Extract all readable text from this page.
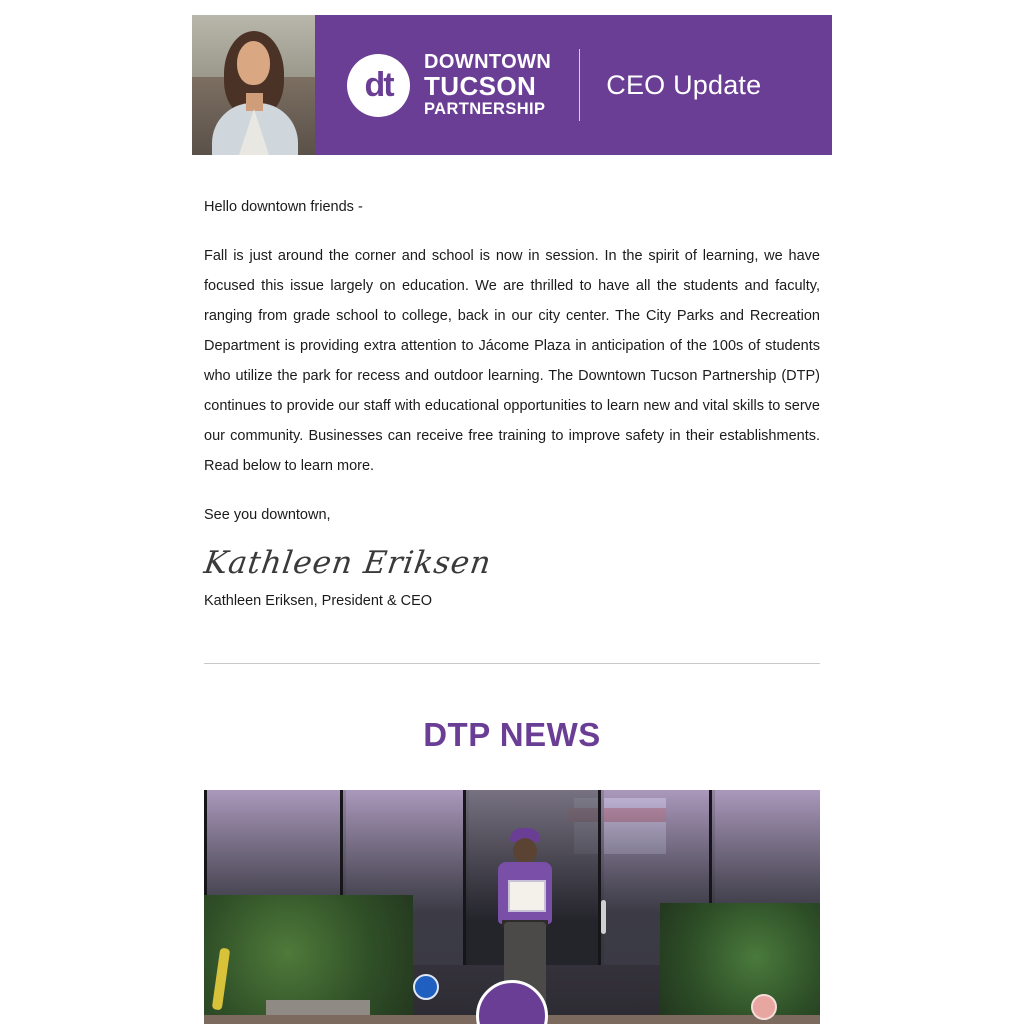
dt
DOWNTOWN
TUCSON
PARTNERSHIP
CEO Update

Hello downtown friends -

Fall is just around the corner and school is now in session. In the spirit of learning, we have focused this issue largely on education. We are thrilled to have all the students and faculty, ranging from grade school to college, back in our city center. The City Parks and Recreation Department is providing extra attention to Jácome Plaza in anticipation of the 100s of students who utilize the park for recess and outdoor learning. The Downtown Tucson Partnership (DTP) continues to provide our staff with educational opportunities to learn new and vital skills to serve our community. Businesses can receive free training to improve safety in their establishments. Read below to learn more.

See you downtown,

Kathleen Eriksen

Kathleen Eriksen, President & CEO

DTP NEWS
